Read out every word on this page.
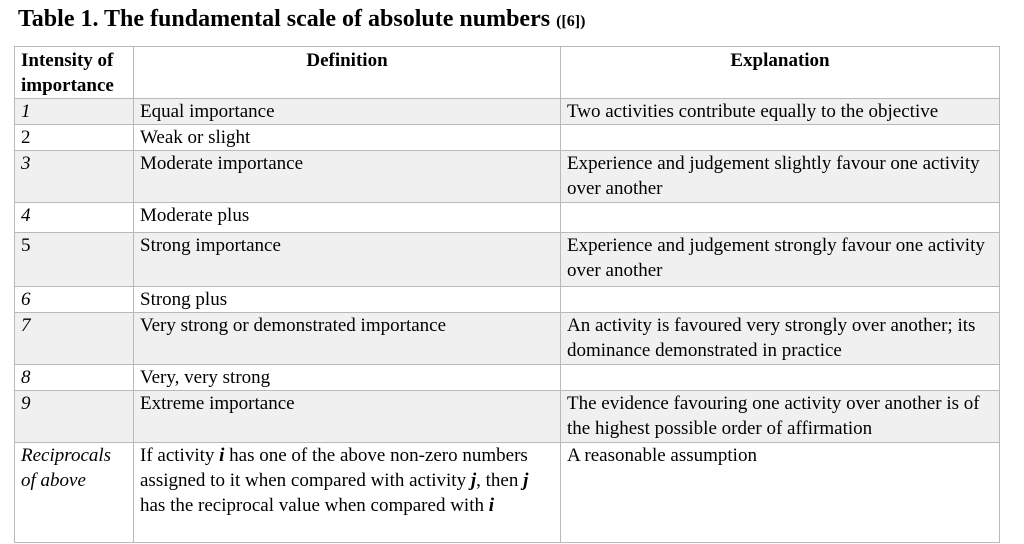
Table 1. The fundamental scale of absolute numbers ([6])
Intensity of importance	Definition	Explanation
1	Equal importance	Two activities contribute equally to the objective
2	Weak or slight	
3	Moderate importance	Experience and judgement slightly favour one activity over another
4	Moderate plus	
5	Strong importance	Experience and judgement strongly favour one activity over another
6	Strong plus	
7	Very strong or demonstrated importance	An activity is favoured very strongly over another; its dominance demonstrated in practice
8	Very, very strong	
9	Extreme importance	The evidence favouring one activity over another is of the highest possible order of affirmation
Reciprocals of above	If activity i has one of the above non-zero numbers assigned to it when compared with activity j, then j has the reciprocal value when compared with i	A reasonable assumption
